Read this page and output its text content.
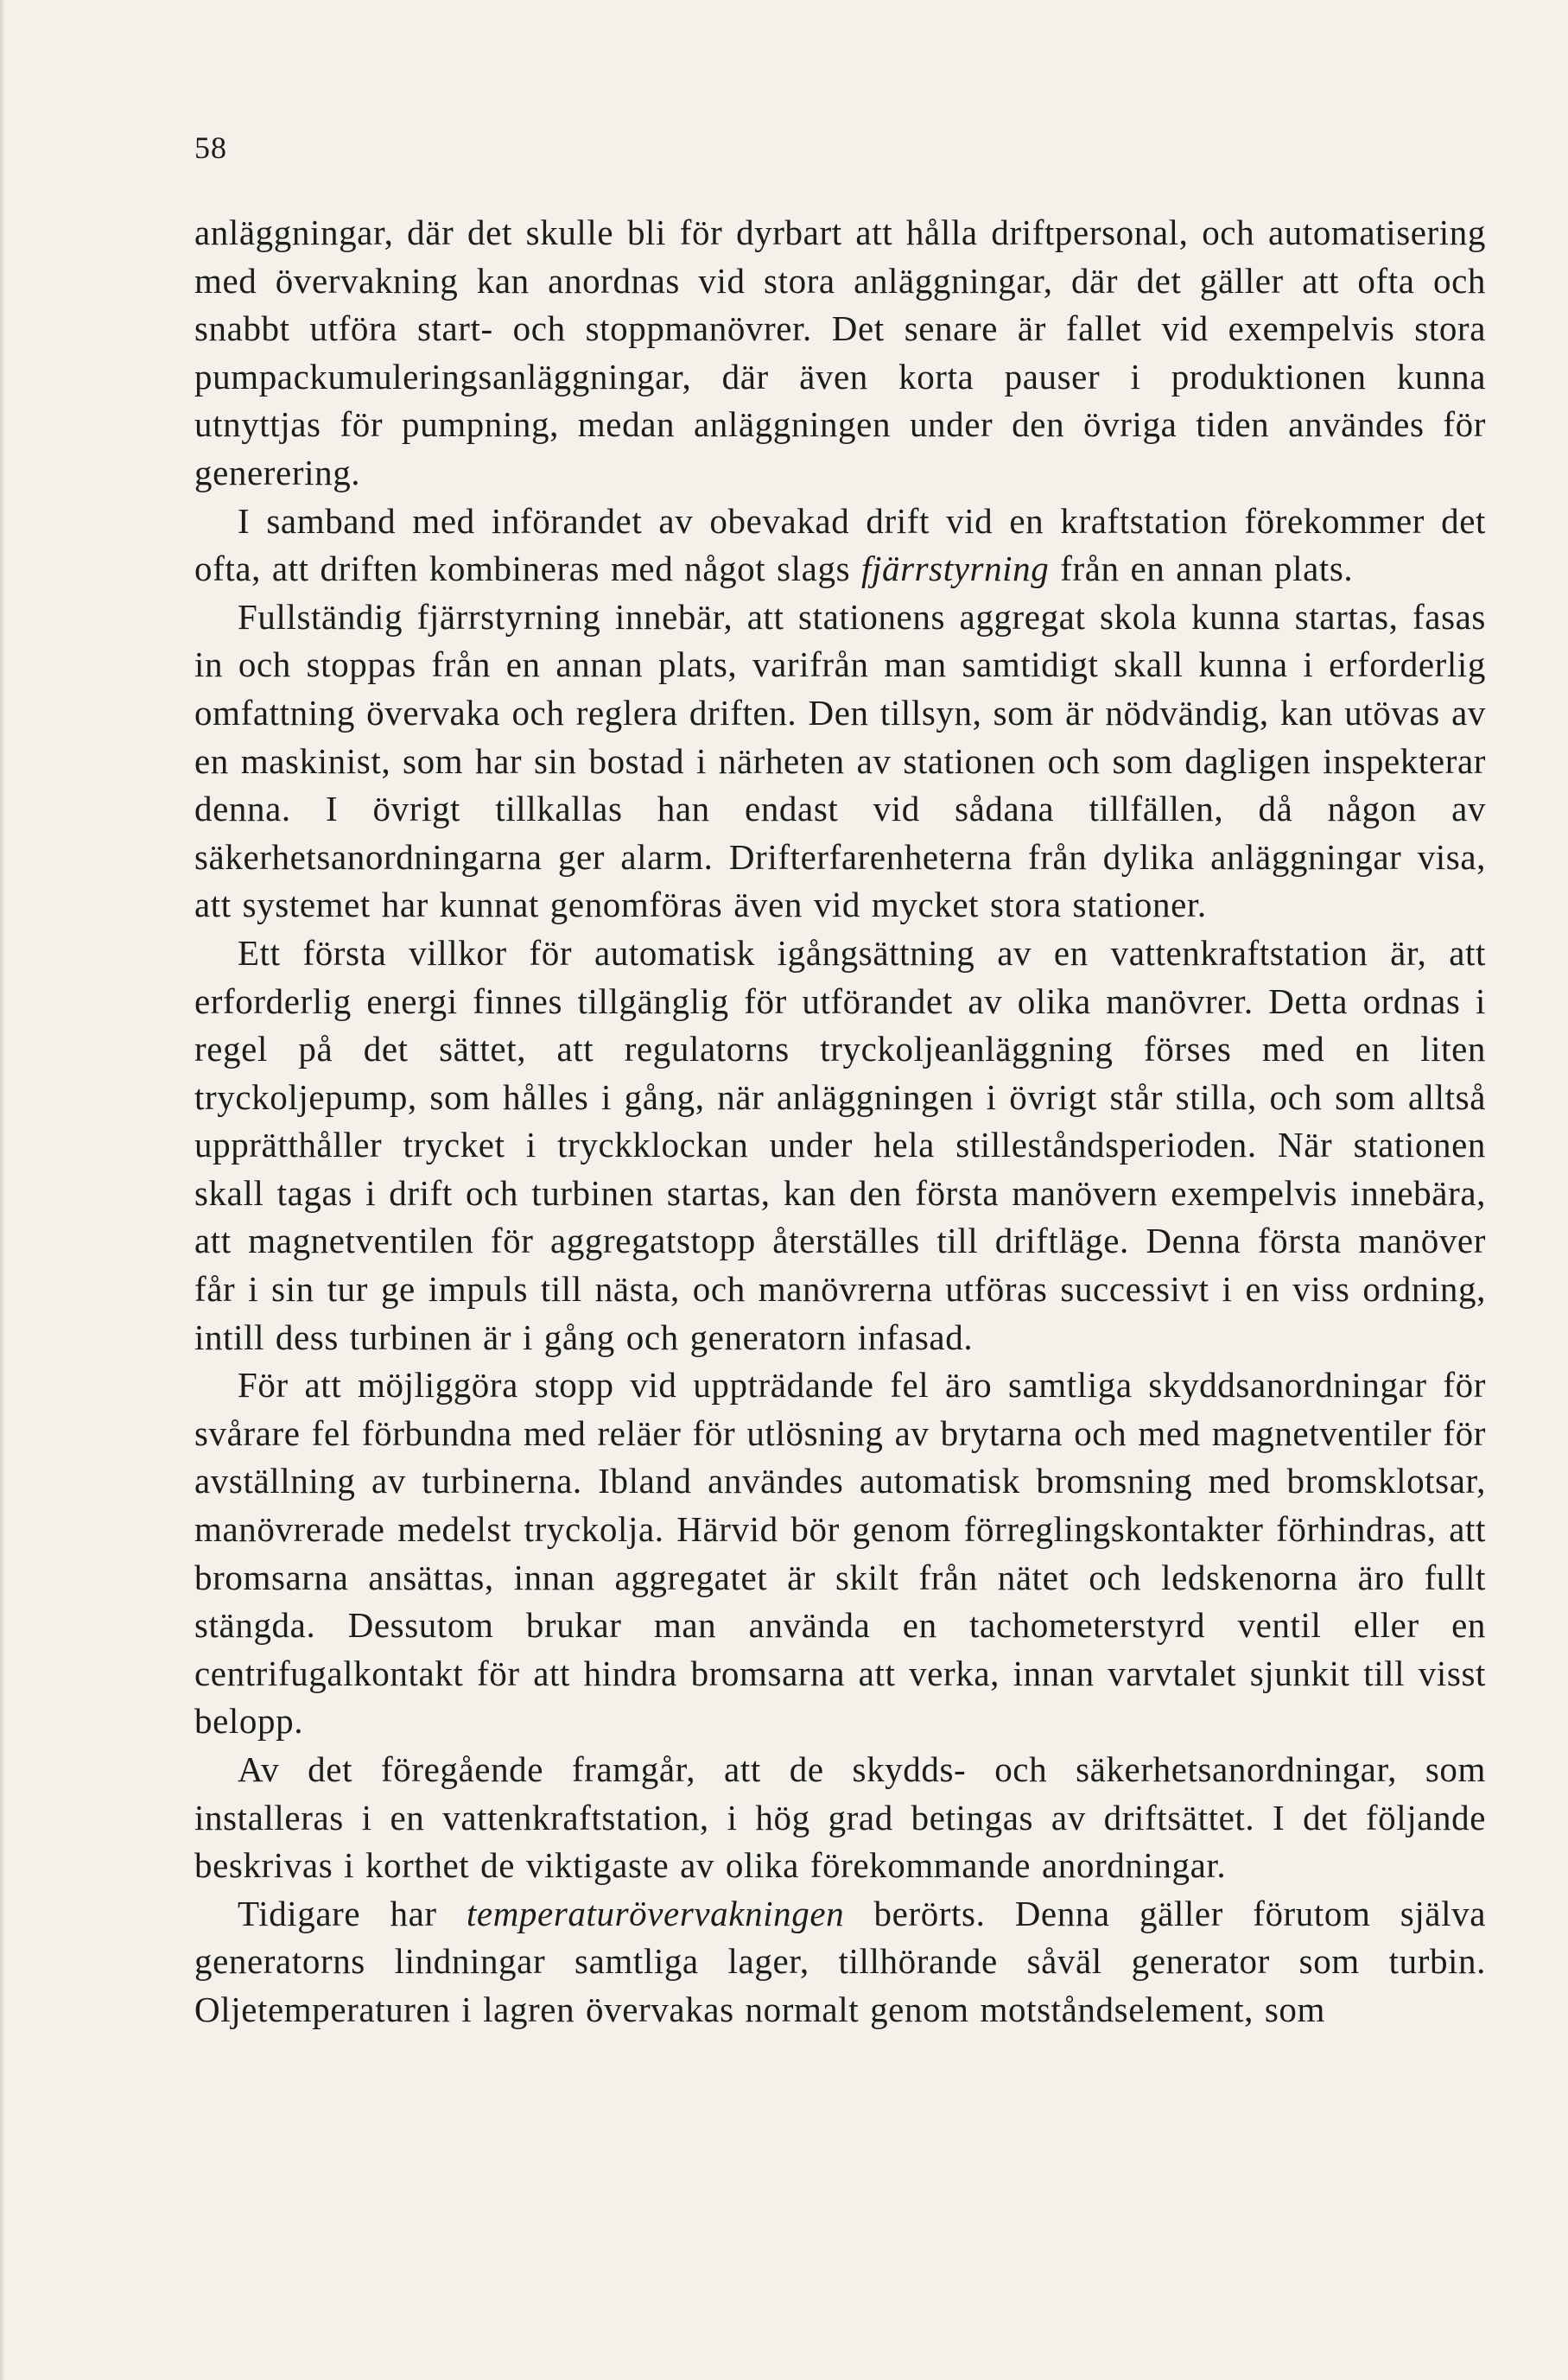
58

anläggningar, där det skulle bli för dyrbart att hålla driftpersonal, och automatisering med övervakning kan anordnas vid stora anläggningar, där det gäller att ofta och snabbt utföra start- och stoppmanövrer. Det senare är fallet vid exempelvis stora pumpackumuleringsanläggningar, där även korta pauser i produktionen kunna utnyttjas för pumpning, medan anläggningen under den övriga tiden användes för generering.

I samband med införandet av obevakad drift vid en kraftstation förekommer det ofta, att driften kombineras med något slags fjärrstyrning från en annan plats.

Fullständig fjärrstyrning innebär, att stationens aggregat skola kunna startas, fasas in och stoppas från en annan plats, varifrån man samtidigt skall kunna i erforderlig omfattning övervaka och reglera driften. Den tillsyn, som är nödvändig, kan utövas av en maskinist, som har sin bostad i närheten av stationen och som dagligen inspekterar denna. I övrigt tillkallas han endast vid sådana tillfällen, då någon av säkerhetsanordningarna ger alarm. Drifterfarenheterna från dylika anläggningar visa, att systemet har kunnat genomföras även vid mycket stora stationer.

Ett första villkor för automatisk igångsättning av en vattenkraftstation är, att erforderlig energi finnes tillgänglig för utförandet av olika manövrer. Detta ordnas i regel på det sättet, att regulatorns tryckoljeanläggning förses med en liten tryckoljepump, som hålles i gång, när anläggningen i övrigt står stilla, och som alltså upprätthåller trycket i tryckklockan under hela stilleståndsperioden. När stationen skall tagas i drift och turbinen startas, kan den första manövern exempelvis innebära, att magnetventilen för aggregatstopp återställes till driftläge. Denna första manöver får i sin tur ge impuls till nästa, och manövrerna utföras successivt i en viss ordning, intill dess turbinen är i gång och generatorn infasad.

För att möjliggöra stopp vid uppträdande fel äro samtliga skyddsanordningar för svårare fel förbundna med reläer för utlösning av brytarna och med magnetventiler för avställning av turbinerna. Ibland användes automatisk bromsning med bromsklotsar, manövrerade medelst tryckolja. Härvid bör genom förreglingskontakter förhindras, att bromsarna ansättas, innan aggregatet är skilt från nätet och ledskenorna äro fullt stängda. Dessutom brukar man använda en tachometerstyrd ventil eller en centrifugalkontakt för att hindra bromsarna att verka, innan varvtalet sjunkit till visst belopp.

Av det föregående framgår, att de skydds- och säkerhetsanordningar, som installeras i en vattenkraftstation, i hög grad betingas av driftsättet. I det följande beskrivas i korthet de viktigaste av olika förekommande anordningar.

Tidigare har temperaturövervakningen berörts. Denna gäller förutom själva generatorns lindningar samtliga lager, tillhörande såväl generator som turbin. Oljetemperaturen i lagren övervakas normalt genom motståndselement, som
